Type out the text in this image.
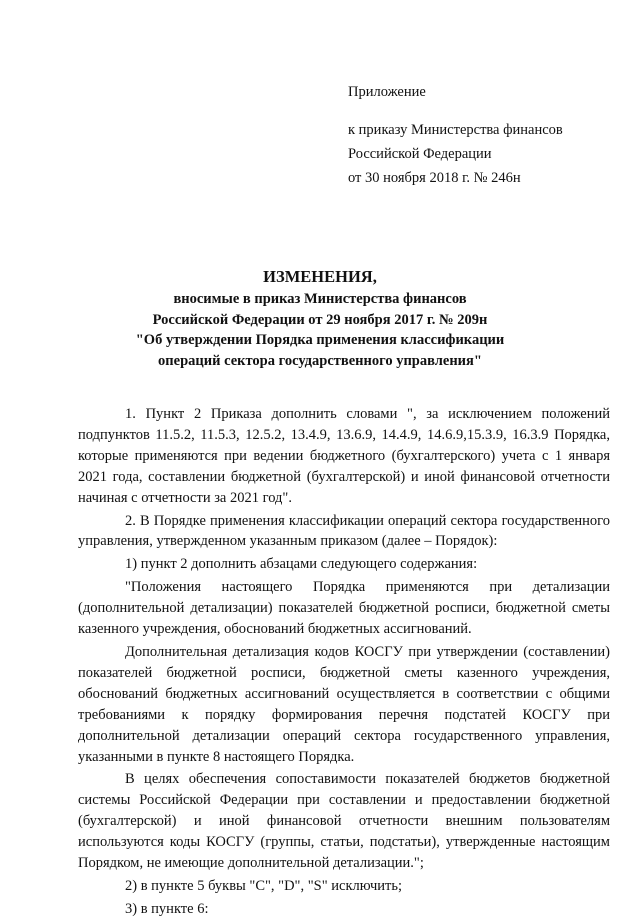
Приложение
к приказу Министерства финансов
Российской Федерации
от 30 ноября 2018 г. № 246н
ИЗМЕНЕНИЯ,
вносимые в приказ Министерства финансов
Российской Федерации от 29 ноября 2017 г. № 209н
"Об утверждении Порядка применения классификации
операций сектора государственного управления"

1. Пункт 2 Приказа дополнить словами ", за исключением положений подпунктов 11.5.2, 11.5.3, 12.5.2, 13.4.9, 13.6.9, 14.4.9, 14.6.9,15.3.9, 16.3.9 Порядка, которые применяются при ведении бюджетного (бухгалтерского) учета с 1 января 2021 года, составлении бюджетной (бухгалтерской) и иной финансовой отчетности начиная с отчетности за 2021 год".

2. В Порядке применения классификации операций сектора государственного управления, утвержденном указанным приказом (далее – Порядок):

1) пункт 2 дополнить абзацами следующего содержания:

"Положения настоящего Порядка применяются при детализации (дополнительной детализации) показателей бюджетной росписи, бюджетной сметы казенного учреждения, обоснований бюджетных ассигнований.

Дополнительная детализация кодов КОСГУ при утверждении (составлении) показателей бюджетной росписи, бюджетной сметы казенного учреждения, обоснований бюджетных ассигнований осуществляется в соответствии с общими требованиями к порядку формирования перечня подстатей КОСГУ при дополнительной детализации операций сектора государственного управления, указанными в пункте 8 настоящего Порядка.

В целях обеспечения сопоставимости показателей бюджетов бюджетной системы Российской Федерации при составлении и предоставлении бюджетной (бухгалтерской) и иной финансовой отчетности внешним пользователям используются коды КОСГУ (группы, статьи, подстатьи), утвержденные настоящим Порядком, не имеющие дополнительной детализации.";

2) в пункте 5 буквы "С", "D", "S" исключить;

3) в пункте 6:
